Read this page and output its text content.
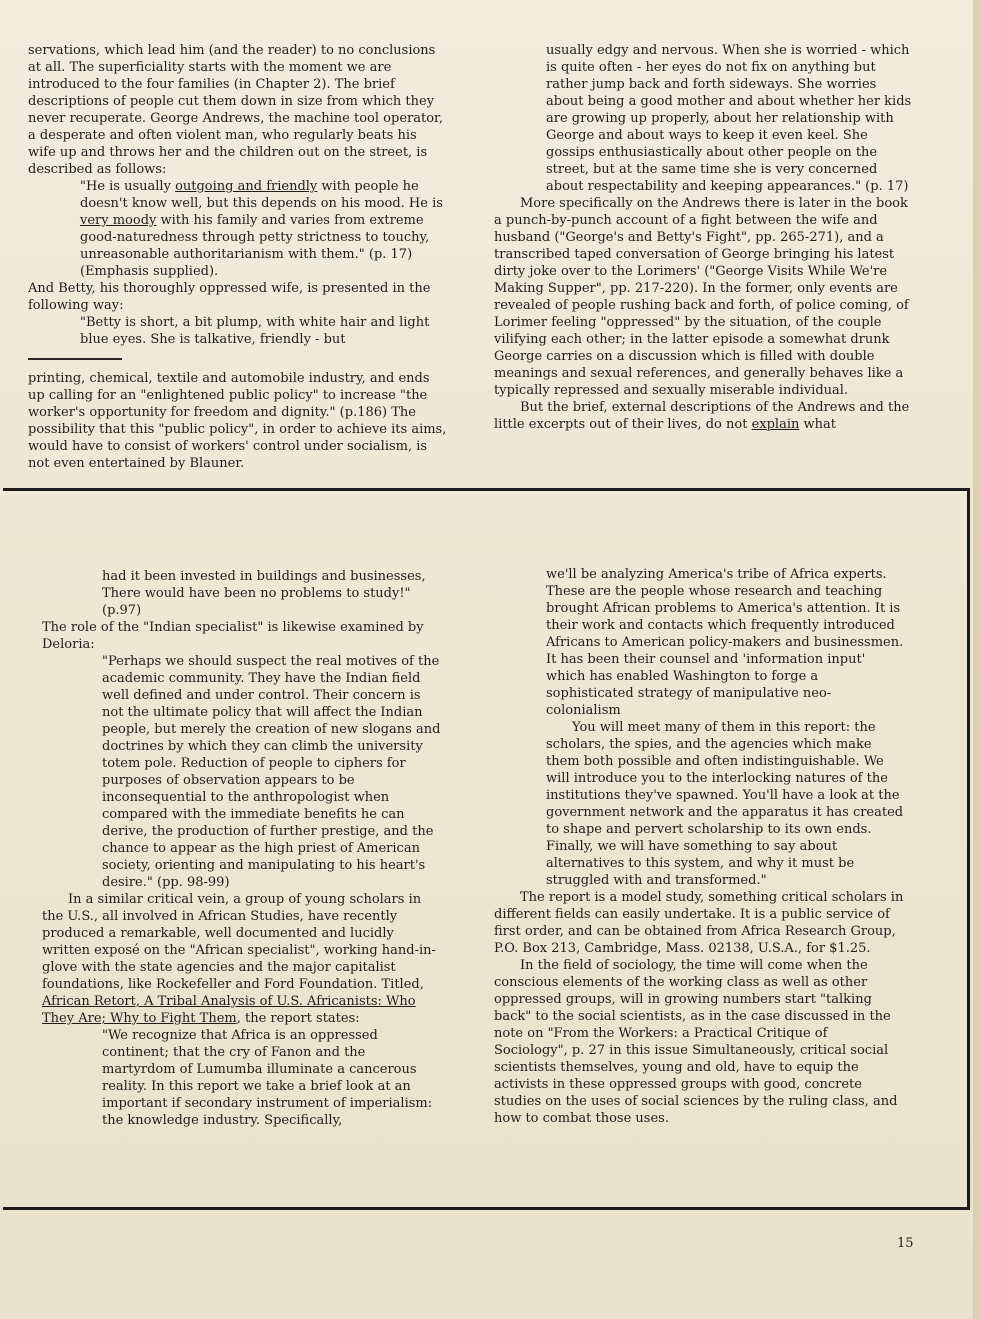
servations, which lead him (and the reader) to no conclusions at all. The superficiality starts with the moment we are introduced to the four families (in Chapter 2). The brief descriptions of people cut them down in size from which they never recuperate. George Andrews, the machine tool operator, a desperate and often violent man, who regularly beats his wife up and throws her and the children out on the street, is described as follows:

"He is usually outgoing and friendly with people he doesn't know well, but this depends on his mood. He is very moody with his family and varies from extreme good-naturedness through petty strictness to touchy, unreasonable authoritarianism with them." (p. 17) (Emphasis supplied).

And Betty, his thoroughly oppressed wife, is presented in the following way:

"Betty is short, a bit plump, with white hair and light blue eyes. She is talkative, friendly - but

printing, chemical, textile and automobile industry, and ends up calling for an "enlightened public policy" to increase "the worker's opportunity for freedom and dignity." (p.186) The possibility that this "public policy", in order to achieve its aims, would have to consist of workers' control under socialism, is not even entertained by Blauner.

usually edgy and nervous. When she is worried - which is quite often - her eyes do not fix on anything but rather jump back and forth sideways. She worries about being a good mother and about whether her kids are growing up properly, about her relationship with George and about ways to keep it even keel. She gossips enthusiastically about other people on the street, but at the same time she is very concerned about respectability and keeping appearances." (p. 17)

More specifically on the Andrews there is later in the book a punch-by-punch account of a fight between the wife and husband ("George's and Betty's Fight", pp. 265-271), and a transcribed taped conversation of George bringing his latest dirty joke over to the Lorimers' ("George Visits While We're Making Supper", pp. 217-220). In the former, only events are revealed of people rushing back and forth, of police coming, of Lorimer feeling "oppressed" by the situation, of the couple vilifying each other; in the latter episode a somewhat drunk George carries on a discussion which is filled with double meanings and sexual references, and generally behaves like a typically repressed and sexually miserable individual.

But the brief, external descriptions of the Andrews and the little excerpts out of their lives, do not explain what

had it been invested in buildings and businesses, There would have been no problems to study!" (p.97)

The role of the "Indian specialist" is likewise examined by Deloria:

"Perhaps we should suspect the real motives of the academic community. They have the Indian field well defined and under control. Their concern is not the ultimate policy that will affect the Indian people, but merely the creation of new slogans and doctrines by which they can climb the university totem pole. Reduction of people to ciphers for purposes of observation appears to be inconsequential to the anthropologist when compared with the immediate benefits he can derive, the production of further prestige, and the chance to appear as the high priest of American society, orienting and manipulating to his heart's desire." (pp. 98-99)

In a similar critical vein, a group of young scholars in the U.S., all involved in African Studies, have recently produced a remarkable, well documented and lucidly written exposé on the "African specialist", working hand-in-glove with the state agencies and the major capitalist foundations, like Rockefeller and Ford Foundation. Titled, African Retort, A Tribal Analysis of U.S. Africanists: Who They Are; Why to Fight Them, the report states:

"We recognize that Africa is an oppressed continent; that the cry of Fanon and the martyrdom of Lumumba illuminate a cancerous reality. In this report we take a brief look at an important if secondary instrument of imperialism: the knowledge industry. Specifically,

we'll be analyzing America's tribe of Africa experts. These are the people whose research and teaching brought African problems to America's attention. It is their work and contacts which frequently introduced Africans to American policy-makers and businessmen. It has been their counsel and 'information input' which has enabled Washington to forge a sophisticated strategy of manipulative neo-colonialism

You will meet many of them in this report: the scholars, the spies, and the agencies which make them both possible and often indistinguishable. We will introduce you to the interlocking natures of the institutions they've spawned. You'll have a look at the government network and the apparatus it has created to shape and pervert scholarship to its own ends. Finally, we will have something to say about alternatives to this system, and why it must be struggled with and transformed."

The report is a model study, something critical scholars in different fields can easily undertake. It is a public service of first order, and can be obtained from Africa Research Group, P.O. Box 213, Cambridge, Mass. 02138, U.S.A., for $1.25.

In the field of sociology, the time will come when the conscious elements of the working class as well as other oppressed groups, will in growing numbers start "talking back" to the social scientists, as in the case discussed in the note on "From the Workers: a Practical Critique of Sociology", p. 27 in this issue Simultaneously, critical social scientists themselves, young and old, have to equip the activists in these oppressed groups with good, concrete studies on the uses of social sciences by the ruling class, and how to combat those uses.

15
